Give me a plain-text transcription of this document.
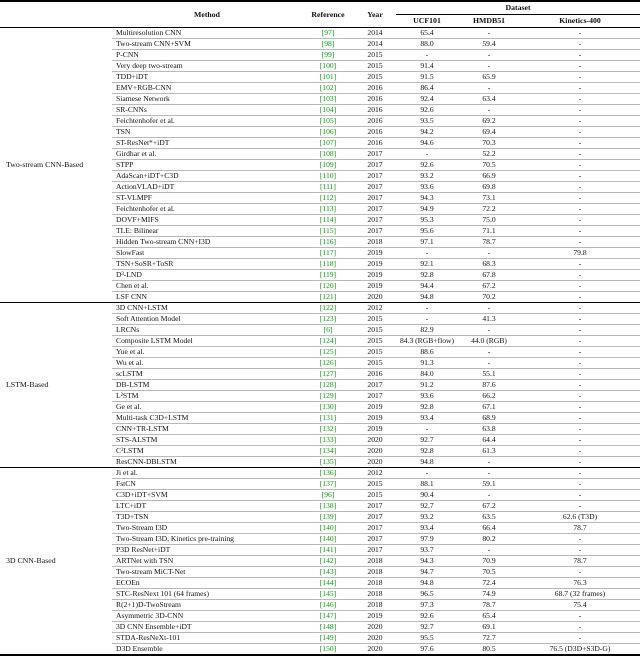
	Method	Reference	Year	Dataset		
				UCF101	HMDB51	Kinetics-400
Two-stream CNN-Based	Multiresolution CNN	[97]	2014	65.4	-	-
	Two-stream CNN+SVM	[98]	2014	88.0	59.4	-
	P-CNN	[99]	2015	-	-	-
	Very deep two-stream	[100]	2015	91.4	-	-
	TDD+iDT	[101]	2015	91.5	65.9	-
	EMV+RGB-CNN	[102]	2016	86.4	-	-
	Siamese Network	[103]	2016	92.4	63.4	-
	SR-CNNs	[104]	2016	92.6	-	-
	Feichtenhofer et al.	[105]	2016	93.5	69.2	-
	TSN	[106]	2016	94.2	69.4	-
	ST-ResNet*+iDT	[107]	2016	94.6	70.3	-
	Girdhar et al.	[108]	2017	-	52.2	-
	STPP	[109]	2017	92.6	70.5	-
	AdaScan+iDT+C3D	[110]	2017	93.2	66.9	-
	ActionVLAD+iDT	[111]	2017	93.6	69.8	-
	ST-VLMPF	[112]	2017	94.3	73.1	-
	Feichtenhofer et al.	[113]	2017	94.9	72.2	-
	DOVF+MIFS	[114]	2017	95.3	75.0	-
	TLE: Bilinear	[115]	2017	95.6	71.1	-
	Hidden Two-stream CNN+I3D	[116]	2018	97.1	78.7	-
	SlowFast	[117]	2019	-	-	79.8
	TSN+SoSR+ToSR	[118]	2019	92.1	68.3	-
	D³-LND	[119]	2019	92.8	67.8	-
	Chen et al.	[120]	2019	94.4	67.2	-
	LSF CNN	[121]	2020	94.8	70.2	-
LSTM-Based	3D CNN+LSTM	[122]	2012	-	-	-
	Soft Attention Model	[123]	2015	-	41.3	-
	LRCNs	[6]	2015	82.9	-	-
	Composite LSTM Model	[124]	2015	84.3 (RGB+flow)	44.0 (RGB)	-
	Yue et al.	[125]	2015	88.6	-	-
	Wu et al.	[126]	2015	91.3	-	-
	scLSTM	[127]	2016	84.0	55.1	-
	DB-LSTM	[128]	2017	91.2	87.6	-
	L²STM	[129]	2017	93.6	66.2	-
	Ge et al.	[130]	2019	92.8	67.1	-
	Multi-task C3D+LSTM	[131]	2019	93.4	68.9	-
	CNN+TR-LSTM	[132]	2019	-	63.8	-
	STS-ALSTM	[133]	2020	92.7	64.4	-
	C²LSTM	[134]	2020	92.8	61.3	-
	ResCNN-DBLSTM	[135]	2020	94.8	-	-
3D CNN-Based	Ji et al.	[136]	2012	-	-	-
	FstCN	[137]	2015	88.1	59.1	-
	C3D+iDT+SVM	[96]	2015	90.4	-	-
	LTC+iDT	[138]	2017	92.7	67.2	-
	T3D+TSN	[139]	2017	93.2	63.5	62.6 (T3D)
	Two-Stream I3D	[140]	2017	93.4	66.4	78.7
	Two-Stream I3D, Kinetics pre-training	[140]	2017	97.9	80.2	-
	P3D ResNet+iDT	[141]	2017	93.7	-	-
	ARTNet with TSN	[142]	2018	94.3	70.9	78.7
	Two-stream MiCT-Net	[143]	2018	94.7	70.5	-
	ECOEn	[144]	2018	94.8	72.4	76.3
	STC-ResNext 101 (64 frames)	[145]	2018	96.5	74.9	68.7 (32 frames)
	R(2+1)D-TwoStream	[146]	2018	97.3	78.7	75.4
	Asymmetric 3D-CNN	[147]	2019	92.6	65.4	-
	3D CNN Ensemble+iDT	[148]	2020	92.7	69.1	-
	STDA-ResNeXt-101	[149]	2020	95.5	72.7	-
	D3D Ensemble	[150]	2020	97.6	80.5	76.5 (D3D+S3D-G)
